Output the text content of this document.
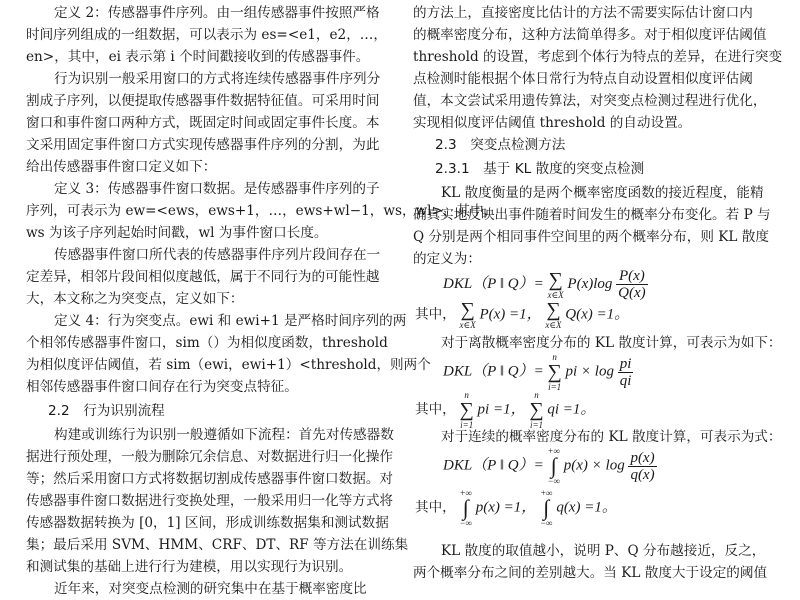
定义 2：传感器事件序列。由一组传感器事件按照严格
时间序列组成的一组数据，可以表示为 es=<e1，e2，…，
en>，其中，ei 表示第 i 个时间戳接收到的传感器事件。
行为识别一般采用窗口的方式将连续传感器事件序列分
割成子序列，以便提取传感器事件数据特征值。可采用时间
窗口和事件窗口两种方式，既固定时间或固定事件长度。本
文采用固定事件窗口方式实现传感器事件序列的分割，为此
给出传感器事件窗口定义如下：
定义 3：传感器事件窗口数据。是传感器事件序列的子
序列，可表示为 ew=<ews，ews+1，…，ews+wl−1，ws，wl>，其中，
ws 为该子序列起始时间戳，wl 为事件窗口长度。
传感器事件窗口所代表的传感器事件序列片段间存在一
定差异，相邻片段间相似度越低，属于不同行为的可能性越
大，本文称之为突变点，定义如下：
定义 4：行为突变点。ewi 和 ewi+1 是严格时间序列的两
个相邻传感器事件窗口，sim（）为相似度函数，threshold
为相似度评估阈值，若 sim（ewi，ewi+1）<threshold，则两个
相邻传感器事件窗口间存在行为突变点特征。
2.2　行为识别流程
构建或训练行为识别一般遵循如下流程：首先对传感器数
据进行预处理，一般为删除冗余信息、对数据进行归一化操作
等；然后采用窗口方式将数据切割成传感器事件窗口数据。对
传感器事件窗口数据进行变换处理，一般采用归一化等方式将
传感器数据转换为 [0，1] 区间，形成训练数据集和测试数据
集；最后采用 SVM、HMM、CRF、DT、RF 等方法在训练集
和测试集的基础上进行行为建模，用以实现行为识别。
近年来，对突变点检测的研究集中在基于概率密度比
的方法上，直接密度比估计的方法不需要实际估计窗口内
的概率密度分布，这种方法简单得多。对于相似度评估阈值
threshold 的设置，考虑到个体行为特点的差异，在进行突变
点检测时能根据个体日常行为特点自动设置相似度评估阈
值，本文尝试采用遗传算法，对突变点检测过程进行优化，
实现相似度评估阈值 threshold 的自动设置。
2.3　突变点检测方法
2.3.1　基于 KL 散度的突变点检测
KL 散度衡量的是两个概率密度函数的接近程度，能精
确真实地反映出事件随着时间发生的概率分布变化。若 P 与
Q 分别是两个相同事件空间里的两个概率分布，则 KL 散度
的定义为：
DKL（P ‖ Q）= ∑
x∈X
$P(x)\log \frac{P(x)}{Q(x)}$
其中， ∑
x∈X
P(x) =1， ∑
x∈X
Q(x) =1。
对于离散概率密度分布的 KL 散度计算，可表示为如下：
DKL（P ‖ Q）=
n
∑
i=1
pi × $\log \frac{pi}{qi}$
其中，
n
∑
i=1
pi =1，
n
∑
i=1
qi =1。
对于连续的概率密度分布的 KL 散度计算，可表示为式：
DKL（P ‖ Q）=
+∞
∫
−∞
$p(x) \times \log \frac{p(x)}{q(x)}$
其中，
+∞
∫
−∞
p(x) =1，
+∞
∫
−∞
q(x) =1。
KL 散度的取值越小，说明 P、Q 分布越接近，反之，
两个概率分布之间的差别越大。当 KL 散度大于设定的阈值
